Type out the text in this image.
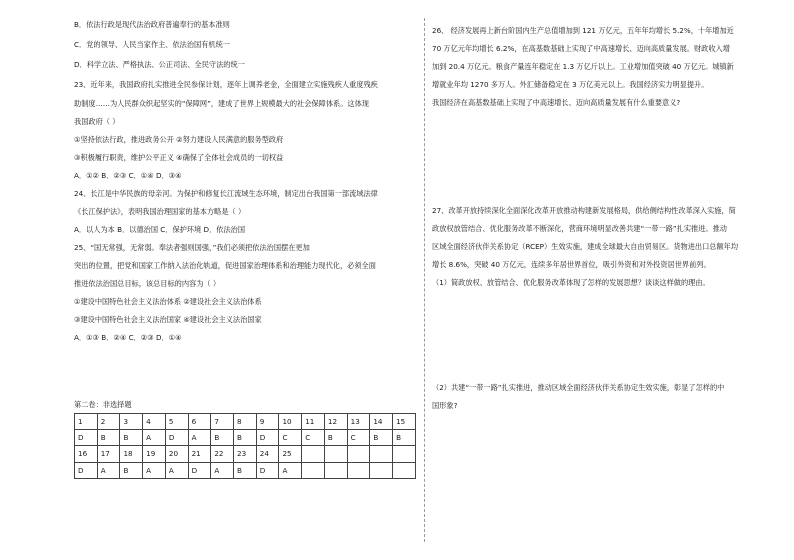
B．依法行政是现代法治政府普遍奉行的基本准则
C．党的领导、人民当家作主、依法治国有机统一
D．科学立法、严格执法、公正司法、全民守法的统一
23、近年来，我国政府扎实推进全民参保计划，逐年上调养老金，全面建立实施残疾人重度残疾
助制度……为人民群众织起坚实的“保障网”，建成了世界上规模最大的社会保障体系。这体现
我国政府（ ）
①坚持依法行政，推进政务公开 ②努力建设人民满意的服务型政府
③积极履行职责，维护公平正义 ④确保了全体社会成员的一切权益
A．①② B．②③ C．①④ D．③④
24、长江是中华民族的母亲河。为保护和修复长江流域生态环境，制定出台我国第一部流域法律
《长江保护法》，表明我国治理国家的基本方略是（ ）
A．以人为本 B．以德治国 C．保护环境 D．依法治国
25、“国无常强，无常弱。奉法者强则国强，”我们必须把依法治国摆在更加
突出的位置，把党和国家工作纳入法治化轨道，促进国家治理体系和治理能力现代化，必须全面
推进依法治国总目标，该总目标的内容为（ ）
①建设中国特色社会主义法治体系 ②建设社会主义法治体系
③建设中国特色社会主义法治国家 ④建设社会主义法治国家
A．①③ B．②④ C．②③ D．①④
第二卷：非选择题
1	2	3	4	5	6	7	8	9	10	11	12	13	14	15
D	B	B	A	D	A	B	B	D	C	C	B	C	B	B
16	17	18	19	20	21	22	23	24	25					
D	A	B	A	A	D	A	B	D	A					
26、 经济发展再上新台阶国内生产总值增加到 121 万亿元，五年年均增长 5.2%，十年增加近
70 万亿元年均增长 6.2%，在高基数基础上实现了中高速增长、迈向高质量发展。财政收入增
加到 20.4 万亿元。粮食产量连年稳定在 1.3 万亿斤以上。工业增加值突破 40 万亿元。城镇新
增就业年均 1270 多万人。外汇储备稳定在 3 万亿美元以上。我国经济实力明显提升。
我国经济在高基数基础上实现了中高速增长、迈向高质量发展有什么重要意义?
27、改革开放持续深化全面深化改革开放推动构建新发展格局，供给侧结构性改革深入实施，简
政放权放管结合、优化服务改革不断深化，营商环境明显改善共建“一带一路”扎实推进。推动
区域全面经济伙伴关系协定（RCEP）生效实施，建成全球最大自由贸易区。货物进出口总额年均
增长 8.6%，突破 40 万亿元，连续多年居世界首位，吸引外资和对外投资居世界前列。
（1）简政放权、放管结合、优化服务改革体现了怎样的发展思想？谈谈这样做的理由。
（2）共建“一带一路”扎实推进，推动区域全面经济伙伴关系协定生效实施，彰显了怎样的中
国形象?
